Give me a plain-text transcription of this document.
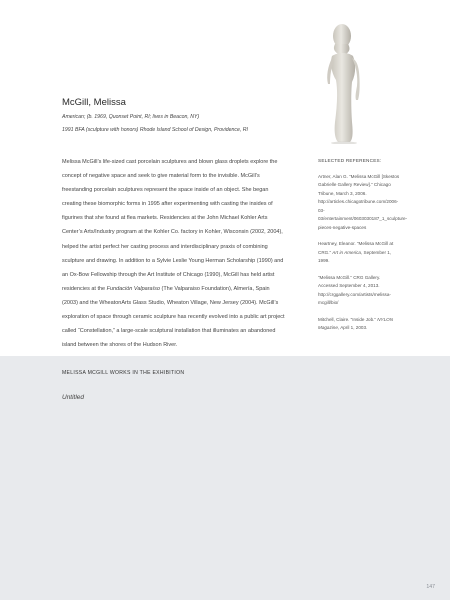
McGill, Melissa
American; (b. 1969, Quonset Point, RI; lives in Beacon, NY)
1991 BFA (sculpture with honors) Rhode Island School of Design, Providence, RI

Melissa McGill’s life-sized cast porcelain sculptures and blown glass droplets explore the concept of negative space and seek to give material form to the invisible. McGill’s freestanding porcelain sculptures represent the space inside of an object. She began creating these biomorphic forms in 1995 after experimenting with casting the insides of figurines that she found at flea markets. Residencies at the John Michael Kohler Arts Center’s Arts/Industry program at the Kohler Co. factory in Kohler, Wisconsin (2002, 2004), helped the artist perfect her casting process and interdisciplinary praxis of combining sculpture and drawing. In addition to a Sylvie Leslie Young Herman Scholarship (1990) and an Ox-Bow Fellowship through the Art Institute of Chicago (1990), McGill has held artist residencies at the Fundación Valparaíso (The Valparaiso Foundation), Almería, Spain (2003) and the WheatonArts Glass Studio, Wheaton Village, New Jersey (2004). McGill’s exploration of space through ceramic sculpture has recently evolved into a public art project called “Constellation,” a large-scale sculptural installation that illuminates an abandoned island between the shores of the Hudson River.

SELECTED REFERENCES:
Artner, Alan G. “Melissa McGill [Skestos Gabrielle Gallery Review].” Chicago Tribune, March 3, 2006. http://articles.chicagotribune.com/2006-03-03/entertainment/0603030187_1_sculpture-pieces-negative-spaces
Heartney, Eleanor. “Melissa McGill at CRG.” Art in America, September 1, 1999.
“Melissa McGill.” CRG Gallery. Accessed September 4, 2013. http://crggallery.com/artists/melissa-mcgill/bio/
Mitchell, Claire. “Inside Job.” NYLON Magazine, April 1, 2003.
MELISSA MCGILL WORKS IN THE EXHIBITION
Untitled
147
